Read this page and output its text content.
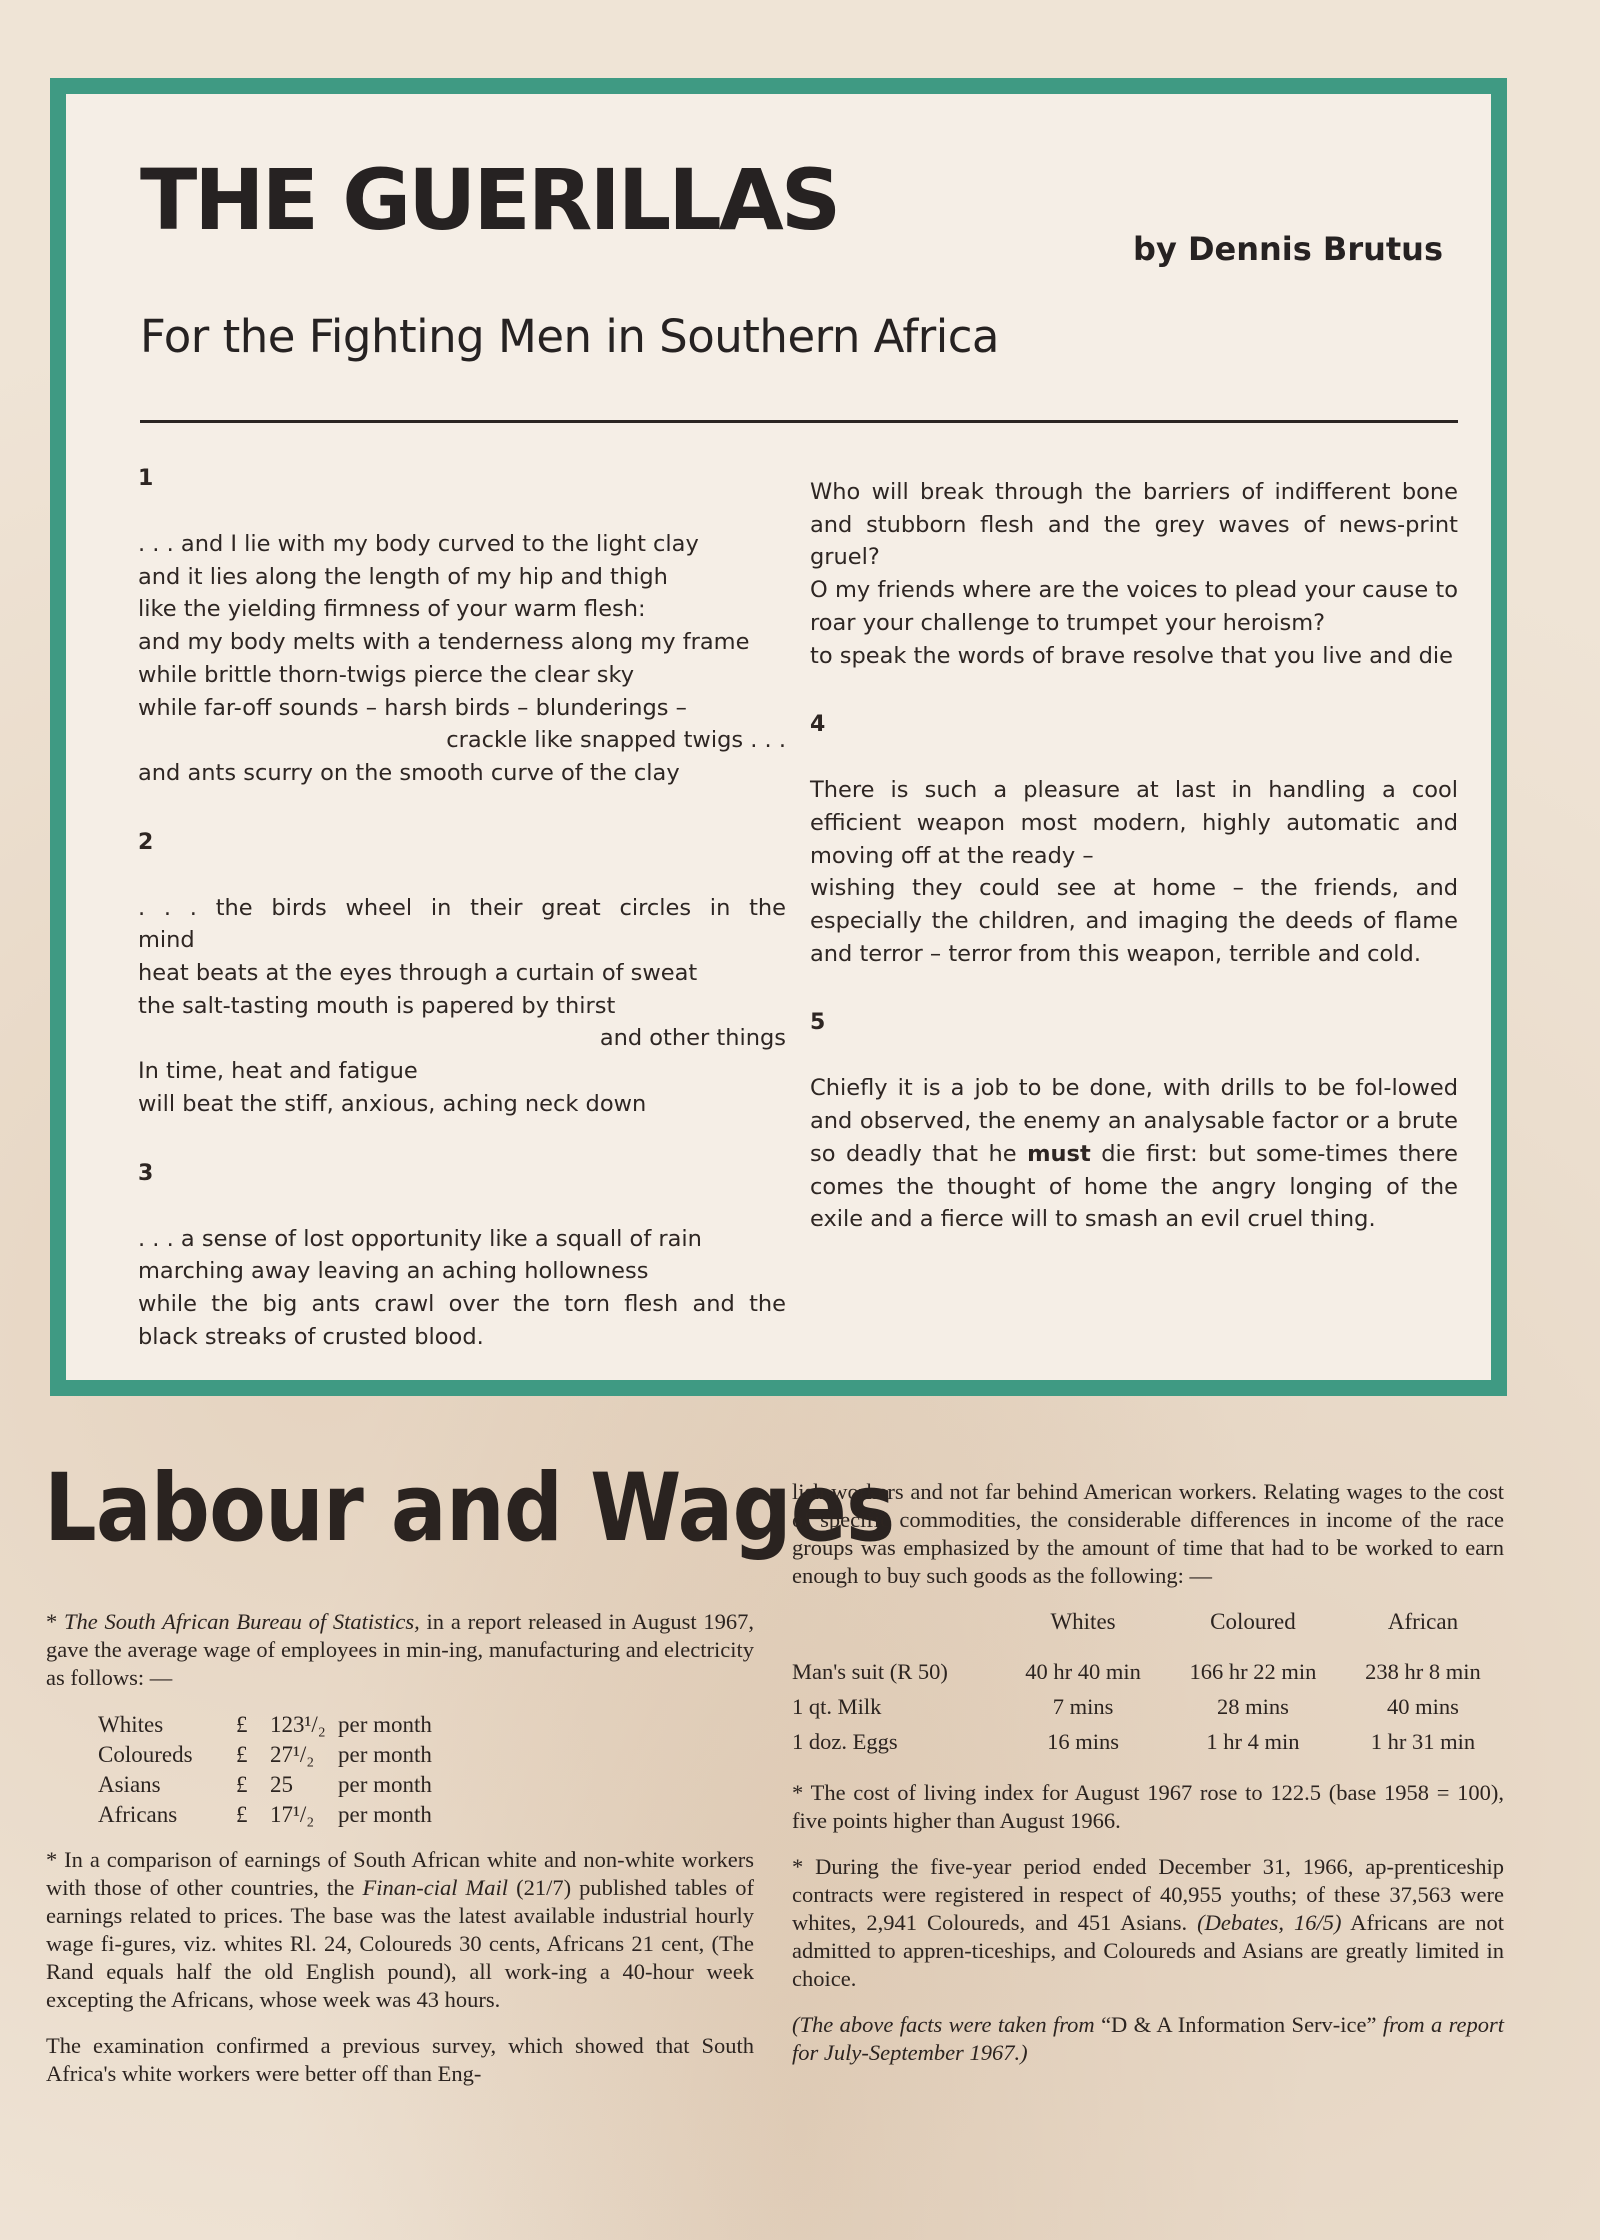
THE GUERILLAS	by Dennis Brutus

For the Fighting Men in Southern Africa

1

. . . and I lie with my body curved to the light clay
and it lies along the length of my hip and thigh
like the yielding firmness of your warm flesh:
and my body melts with a tenderness along my frame
while brittle thorn-twigs pierce the clear sky
while far-off sounds – harsh birds – blunderings –
crackle like snapped twigs . . .
and ants scurry on the smooth curve of the clay

2

. . . the birds wheel in their great circles in the
mind
heat beats at the eyes through a curtain of sweat
the salt-tasting mouth is papered by thirst
and other things
In time, heat and fatigue
will beat the stiff, anxious, aching neck down

3

. . . a sense of lost opportunity like a squall of rain
marching away leaving an aching hollowness
while the big ants crawl over the torn flesh and the
black streaks of crusted blood.
Who will break through the barriers of indifferent bone and stubborn flesh and the grey waves of news-print gruel?
O my friends where are the voices to plead your cause to roar your challenge to trumpet your heroism?
to speak the words of brave resolve that you live and die

4

There is such a pleasure at last in handling a cool efficient weapon most modern, highly automatic and moving off at the ready –
wishing they could see at home – the friends, and especially the children, and imaging the deeds of flame and terror – terror from this weapon, terrible and cold.

5

Chiefly it is a job to be done, with drills to be fol-lowed and observed, the enemy an analysable factor or a brute so deadly that he must die first: but some-times there comes the thought of home the angry longing of the exile and a fierce will to smash an evil cruel thing.
Labour and Wages

* The South African Bureau of Statistics, in a report released in August 1967, gave the average wage of employees in min-ing, manufacturing and electricity as follows: —

Whites	£	123¹/₂	per month
Coloureds	£	27¹/₂	per month
Asians	£	25	per month
Africans	£	17¹/₂	per month

* In a comparison of earnings of South African white and non-white workers with those of other countries, the Finan-cial Mail (21/7) published tables of earnings related to prices. The base was the latest available industrial hourly wage fi-gures, viz. whites Rl. 24, Coloureds 30 cents, Africans 21 cent, (The Rand equals half the old English pound), all work-ing a 40-hour week excepting the Africans, whose week was 43 hours.

The examination confirmed a previous survey, which showed that South Africa's white workers were better off than Eng-

lish workers and not far behind American workers. Relating wages to the cost of specific commodities, the considerable differences in income of the race groups was emphasized by the amount of time that had to be worked to earn enough to buy such goods as the following: —

	Whites	Coloured	African
Man's suit (R 50)	40 hr 40 min	166 hr 22 min	238 hr 8 min
1 qt. Milk	7 mins	28 mins	40 mins
1 doz. Eggs	16 mins	1 hr 4 min	1 hr 31 min

* The cost of living index for August 1967 rose to 122.5 (base 1958 = 100), five points higher than August 1966.

* During the five-year period ended December 31, 1966, ap-prenticeship contracts were registered in respect of 40,955 youths; of these 37,563 were whites, 2,941 Coloureds, and 451 Asians. (Debates, 16/5) Africans are not admitted to appren-ticeships, and Coloureds and Asians are greatly limited in choice.

(The above facts were taken from “D & A Information Serv-ice” from a report for July-September 1967.)
